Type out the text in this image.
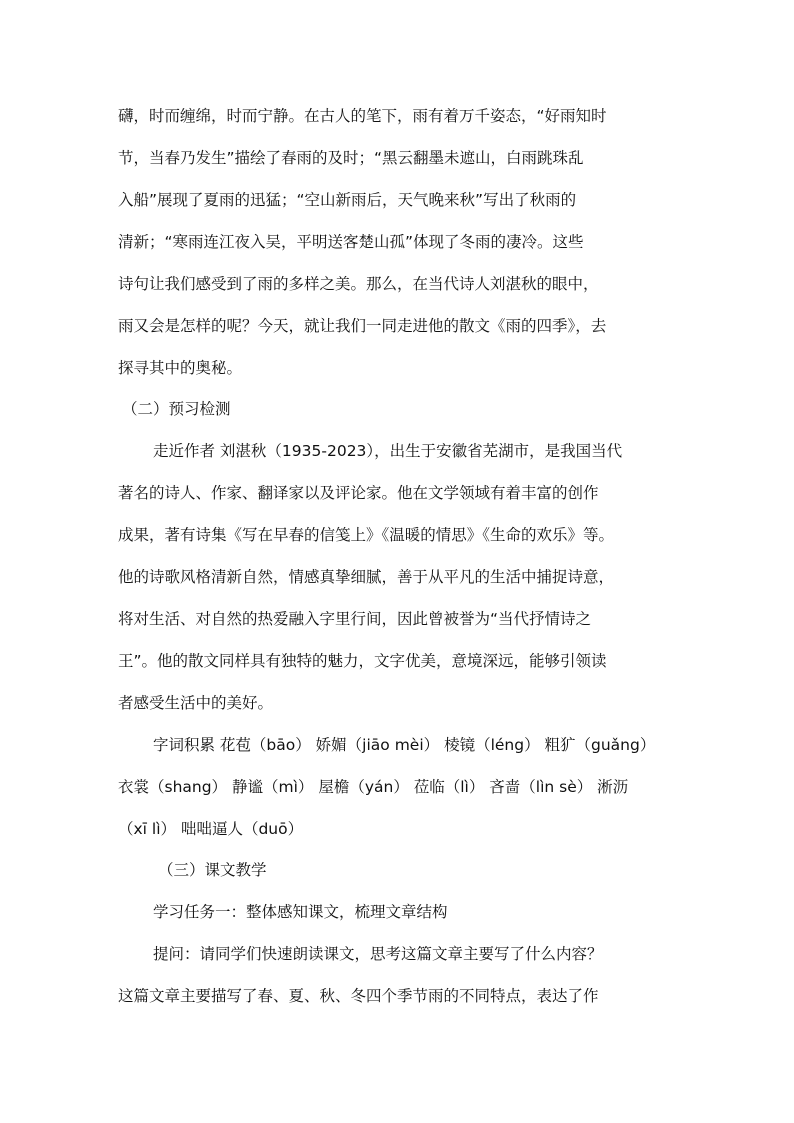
礴，时而缠绵，时而宁静。在古人的笔下，雨有着万千姿态，“好雨知时
节，当春乃发生”描绘了春雨的及时；“黑云翻墨未遮山，白雨跳珠乱
入船”展现了夏雨的迅猛；“空山新雨后，天气晚来秋”写出了秋雨的
清新；“寒雨连江夜入吴，平明送客楚山孤”体现了冬雨的凄冷。这些
诗句让我们感受到了雨的多样之美。那么，在当代诗人刘湛秋的眼中，
雨又会是怎样的呢？今天，就让我们一同走进他的散文《雨的四季》，去
探寻其中的奥秘。
（二）预习检测
走近作者 刘湛秋（1935-2023），出生于安徽省芜湖市，是我国当代
著名的诗人、作家、翻译家以及评论家。他在文学领域有着丰富的创作
成果，著有诗集《写在早春的信笺上》《温暖的情思》《生命的欢乐》等。
他的诗歌风格清新自然，情感真挚细腻，善于从平凡的生活中捕捉诗意，
将对生活、对自然的热爱融入字里行间，因此曾被誉为“当代抒情诗之
王”。他的散文同样具有独特的魅力，文字优美，意境深远，能够引领读
者感受生活中的美好。
字词积累 花苞（bāo） 娇媚（jiāo mèi） 棱镜（léng） 粗犷（guǎng）
衣裳（shang） 静谧（mì） 屋檐（yán） 莅临（lì） 吝啬（lìn sè） 淅沥
（xī lì） 咄咄逼人（duō）
（三）课文教学
学习任务一：整体感知课文，梳理文章结构
提问：请同学们快速朗读课文，思考这篇文章主要写了什么内容？
这篇文章主要描写了春、夏、秋、冬四个季节雨的不同特点，表达了作
